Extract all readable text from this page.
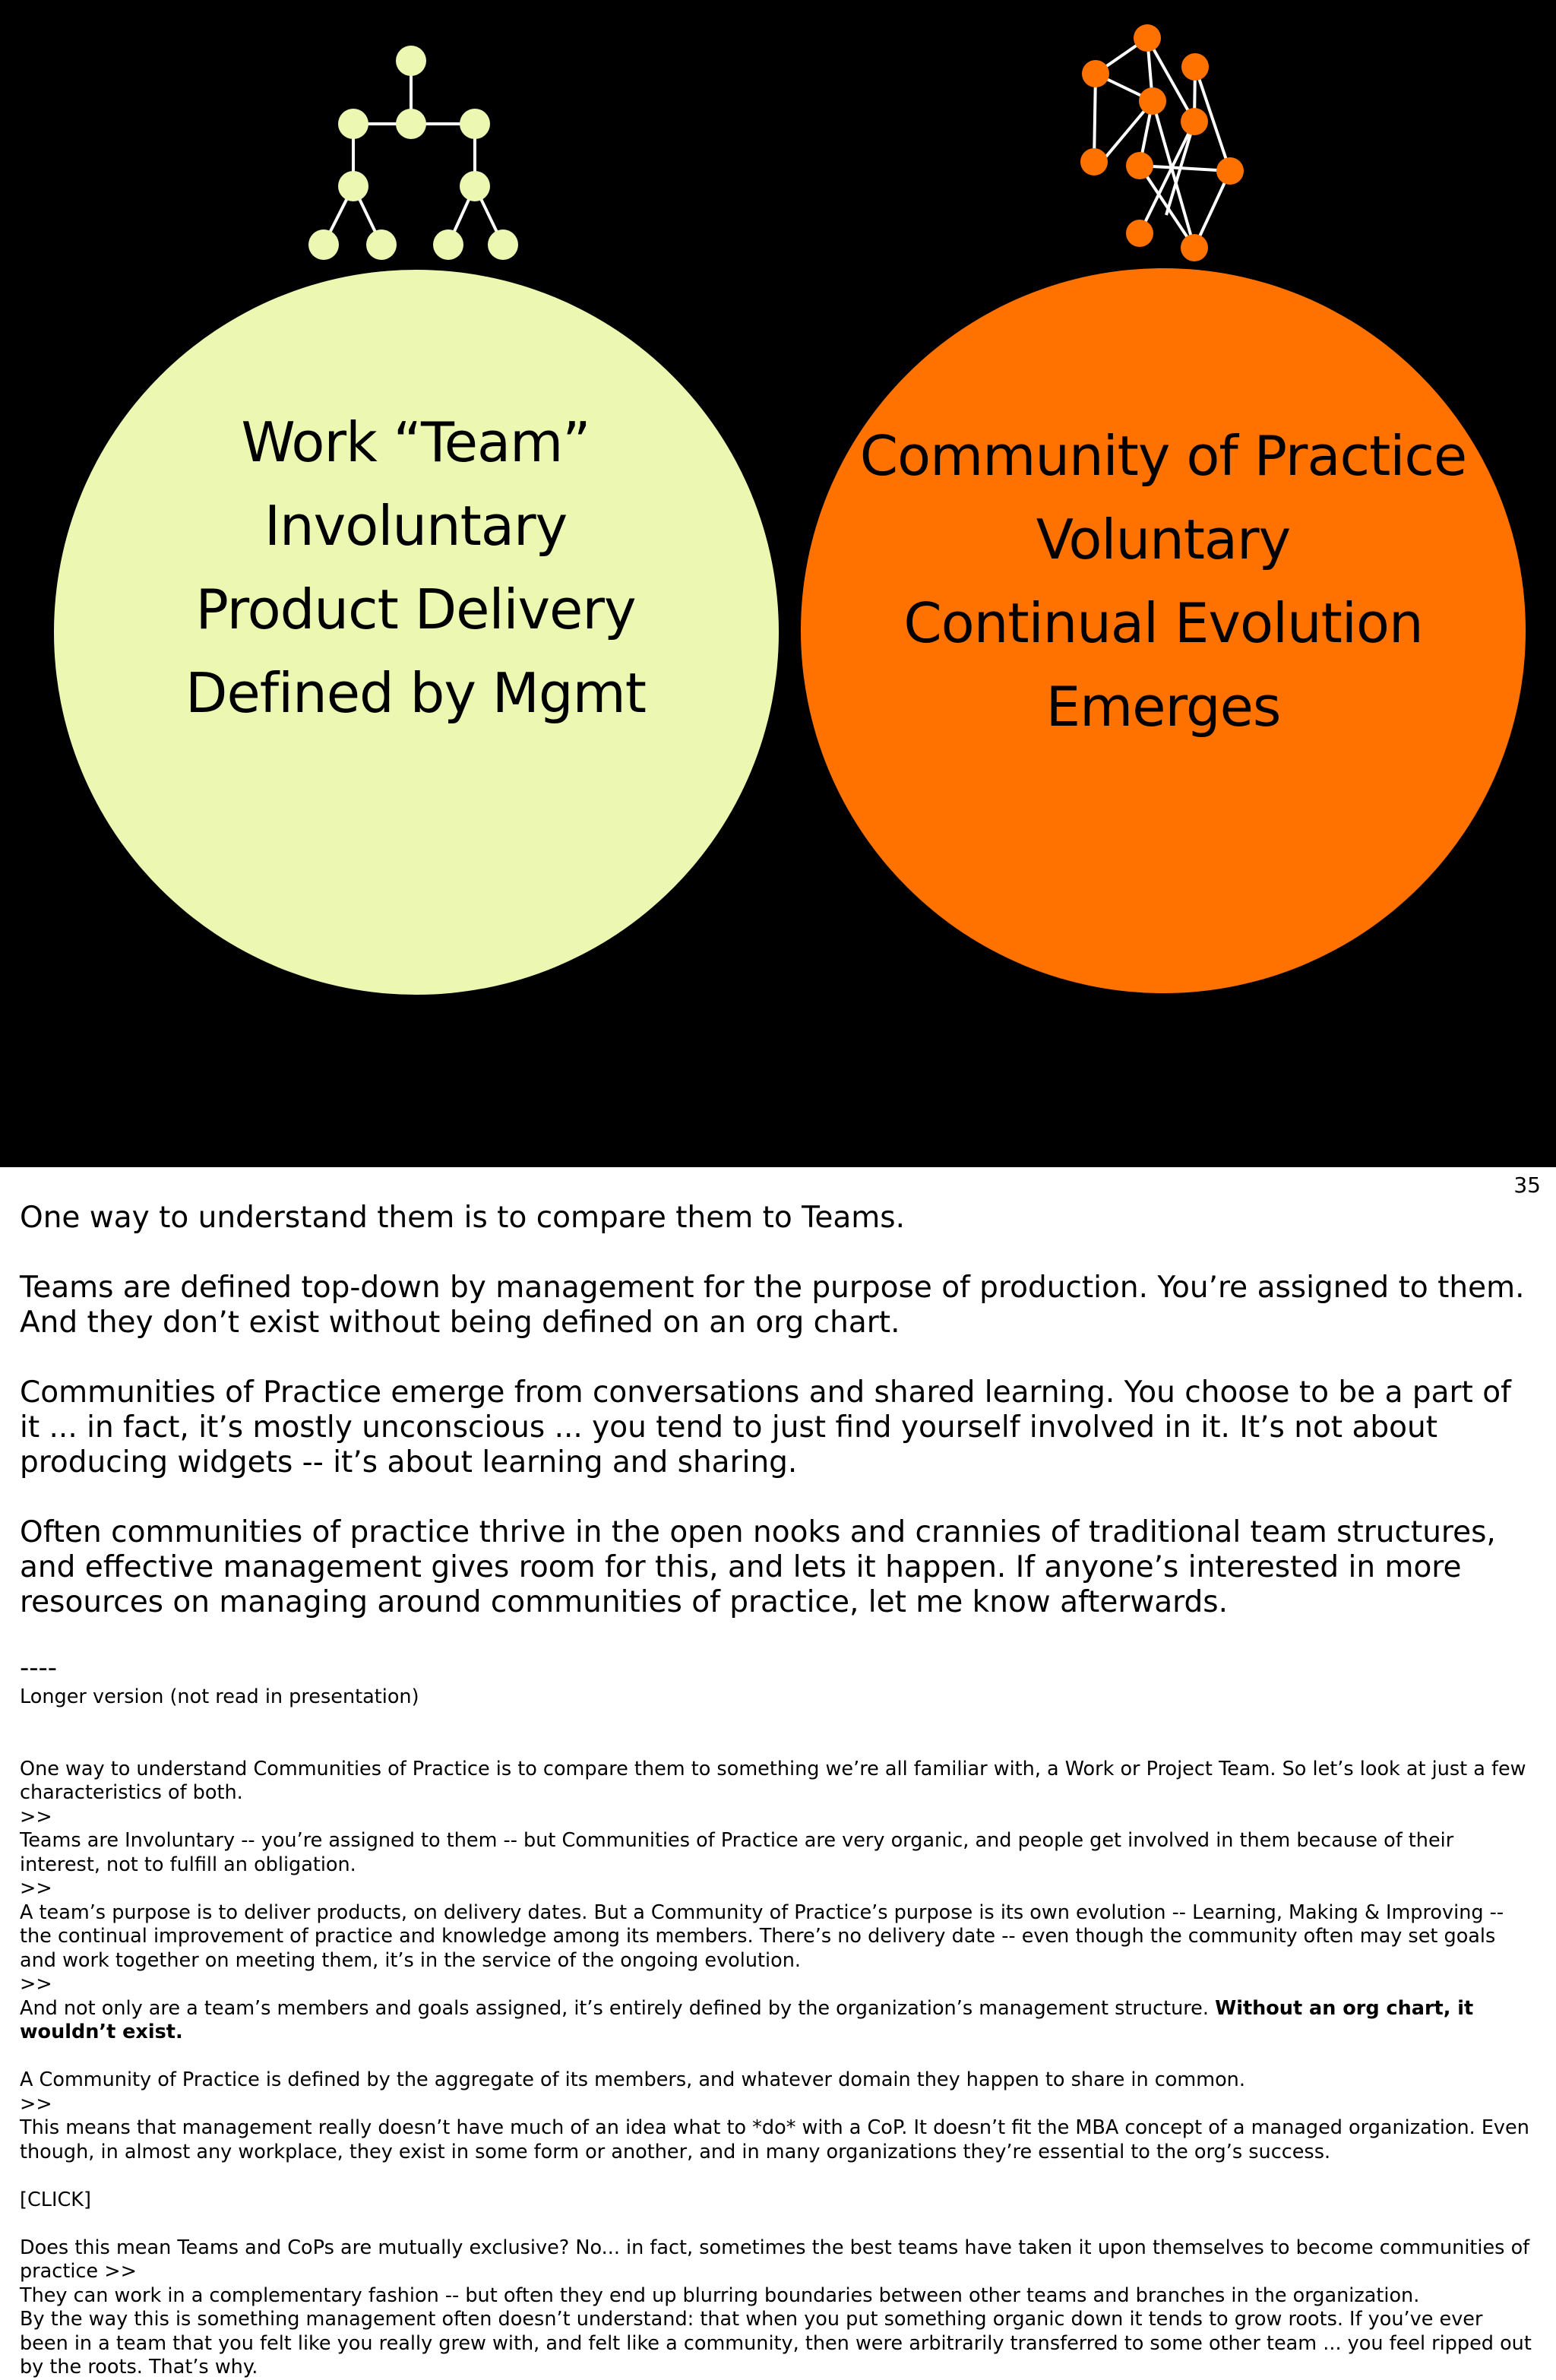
Work “Team”
Involuntary
Product Delivery
Defined by Mgmt
Community of Practice
Voluntary
Continual Evolution
Emerges
35

One way to understand them is to compare them to Teams.

Teams are defined top-down by management for the purpose of production. You’re assigned to them. And they don’t exist without being defined on an org chart.

Communities of Practice emerge from conversations and shared learning. You choose to be a part of it ... in fact, it’s mostly unconscious ... you tend to just find yourself involved in it. It’s not about producing widgets -- it’s about learning and sharing.

Often communities of practice thrive in the open nooks and crannies of traditional team structures, and effective management gives room for this, and lets it happen. If anyone’s interested in more resources on managing around communities of practice, let me know afterwards.

----

Longer version (not read in presentation)

One way to understand Communities of Practice is to compare them to something we’re all familiar with, a Work or Project Team. So let’s look at just a few characteristics of both.

>>

Teams are Involuntary -- you’re assigned to them -- but Communities of Practice are very organic, and people get involved in them because of their interest, not to fulfill an obligation.

>>

A team’s purpose is to deliver products, on delivery dates. But a Community of Practice’s purpose is its own evolution -- Learning, Making & Improving -- the continual improvement of practice and knowledge among its members. There’s no delivery date -- even though the community often may set goals and work together on meeting them, it’s in the service of the ongoing evolution.

>>

And not only are a team’s members and goals assigned, it’s entirely defined by the organization’s management structure. Without an org chart, it wouldn’t exist.

A Community of Practice is defined by the aggregate of its members, and whatever domain they happen to share in common.

>>

This means that management really doesn’t have much of an idea what to *do* with a CoP. It doesn’t fit the MBA concept of a managed organization. Even though, in almost any workplace, they exist in some form or another, and in many organizations they’re essential to the org’s success.

[CLICK]

Does this mean Teams and CoPs are mutually exclusive? No... in fact, sometimes the best teams have taken it upon themselves to become communities of practice >>

They can work in a complementary fashion -- but often they end up blurring boundaries between other teams and branches in the organization.

By the way this is something management often doesn’t understand: that when you put something organic down it tends to grow roots. If you’ve ever been in a team that you felt like you really grew with, and felt like a community, then were arbitrarily transferred to some other team ... you feel ripped out by the roots. That’s why.
